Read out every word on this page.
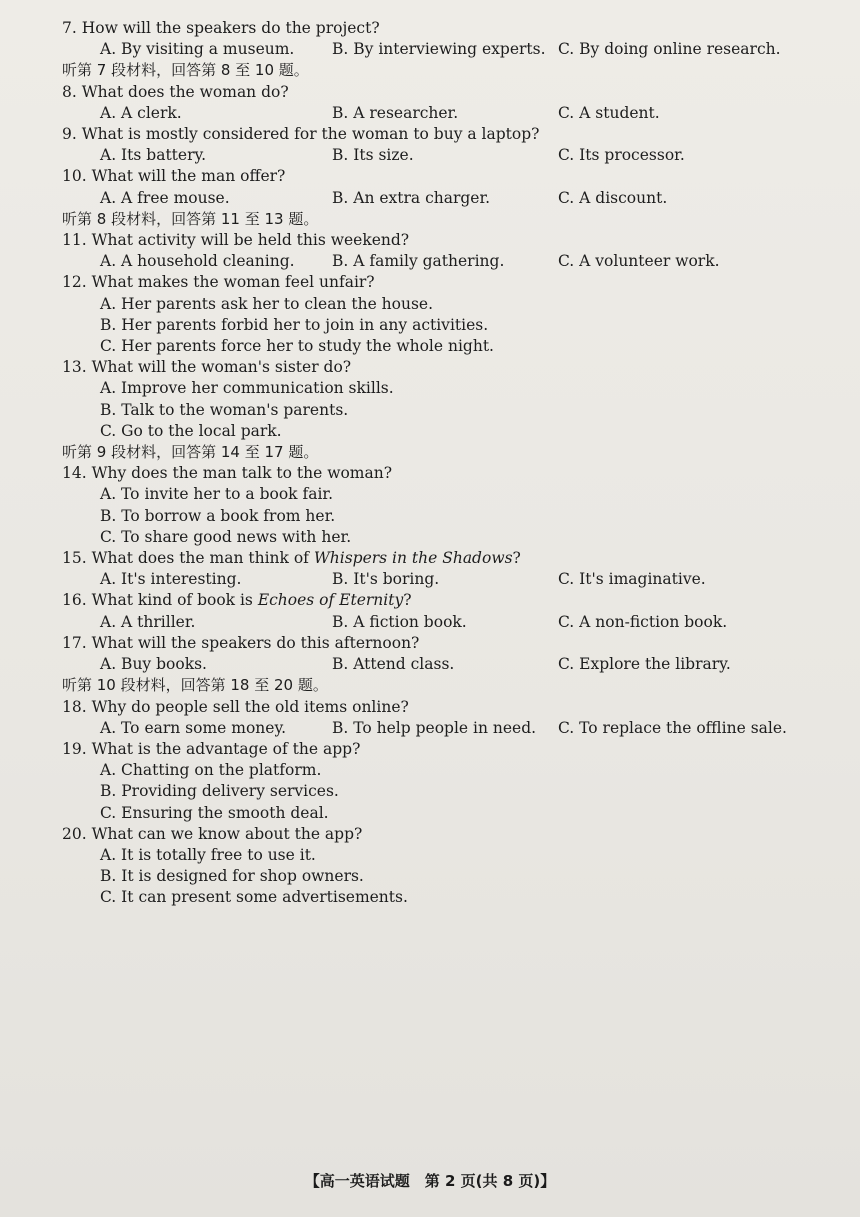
7. How will the speakers do the project?
A. By visiting a museum.	B. By interviewing experts. C. By doing online research.
听第 7 段材料，回答第 8 至 10 题。
8. What does the woman do?
A. A clerk.	B. A researcher.	C. A student.
9. What is mostly considered for the woman to buy a laptop?
A. Its battery.	B. Its size.	C. Its processor.
10. What will the man offer?
A. A free mouse.	B. An extra charger.	C. A discount.
听第 8 段材料，回答第 11 至 13 题。
11. What activity will be held this weekend?
A. A household cleaning.	B. A family gathering.	C. A volunteer work.
12. What makes the woman feel unfair?
A. Her parents ask her to clean the house.
B. Her parents forbid her to join in any activities.
C. Her parents force her to study the whole night.
13. What will the woman's sister do?
A. Improve her communication skills.
B. Talk to the woman's parents.
C. Go to the local park.
听第 9 段材料，回答第 14 至 17 题。
14. Why does the man talk to the woman?
A. To invite her to a book fair.
B. To borrow a book from her.
C. To share good news with her.
15. What does the man think of Whispers in the Shadows?
A. It's interesting.	B. It's boring.	C. It's imaginative.
16. What kind of book is Echoes of Eternity?
A. A thriller.	B. A fiction book.	C. A non-fiction book.
17. What will the speakers do this afternoon?
A. Buy books.	B. Attend class.	C. Explore the library.
听第 10 段材料，回答第 18 至 20 题。
18. Why do people sell the old items online?
A. To earn some money.	B. To help people in need.	C. To replace the offline sale.
19. What is the advantage of the app?
A. Chatting on the platform.
B. Providing delivery services.
C. Ensuring the smooth deal.
20. What can we know about the app?
A. It is totally free to use it.
B. It is designed for shop owners.
C. It can present some advertisements.
【高一英语试题　第 2 页(共 8 页)】
